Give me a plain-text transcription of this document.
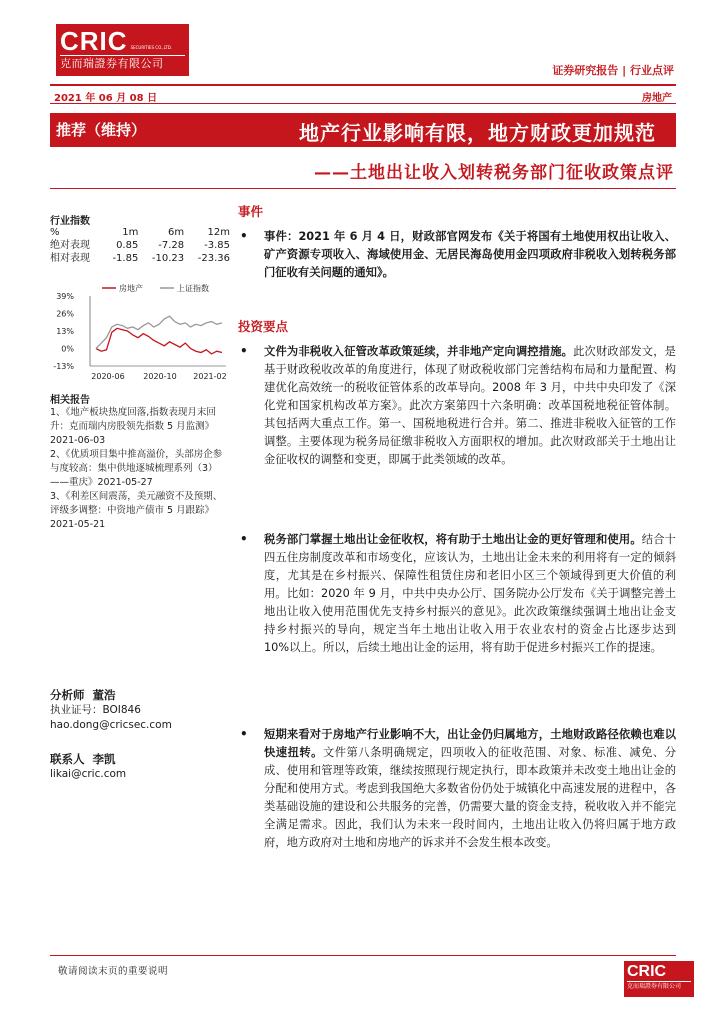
CRIC SECURITIES CO.,LTD.
克而瑞證券有限公司
证券研究报告 | 行业点评
2021 年 06 月 08 日	房地产
推荐（维持）	地产行业影响有限，地方财政更加规范
——土地出让收入划转税务部门征收政策点评
行业指数
%	1m	6m	12m
绝对表现	0.85	-7.28	-3.85
相对表现	-1.85	-10.23	-23.36
房地产	上证指数
39%
26%
13%
0%
-13%
2020-06 2020-10 2021-02
相关报告
1、《地产板块热度回落,指数表现月末回升：克而瑞内房股领先指数 5 月监测》2021-06-03
2、《优质项目集中推高溢价，头部房企参与度较高：集中供地逐城梳理系列（3）——重庆》2021-05-27
3、《利差区间震荡，美元融资不及预期、评级多调整：中资地产债市 5 月跟踪》2021-05-21
分析师 董浩
执业证号：BOI846
hao.dong@cricsec.com
联系人 李凯
likai@cric.com
事件
• 事件：2021 年 6 月 4 日，财政部官网发布《关于将国有土地使用权出让收入、矿产资源专项收入、海域使用金、无居民海岛使用金四项政府非税收入划转税务部门征收有关问题的通知》。
投资要点
• 文件为非税收入征管改革政策延续，并非地产定向调控措施。此次财政部发文，是基于财政税收改革的角度进行，体现了财政税收部门完善结构布局和力量配置、构建优化高效统一的税收征管体系的改革导向。2008 年 3 月，中共中央印发了《深化党和国家机构改革方案》。此次方案第四十六条明确：改革国税地税征管体制。其包括两大重点工作。第一、国税地税进行合并。第二、推进非税收入征管的工作调整。主要体现为税务局征缴非税收入方面职权的增加。此次财政部关于土地出让金征收权的调整和变更，即属于此类领域的改革。
• 税务部门掌握土地出让金征收权，将有助于土地出让金的更好管理和使用。结合十四五住房制度改革和市场变化，应该认为，土地出让金未来的利用将有一定的倾斜度，尤其是在乡村振兴、保障性租赁住房和老旧小区三个领域得到更大价值的利用。比如：2020 年 9 月，中共中央办公厅、国务院办公厅发布《关于调整完善土地出让收入使用范围优先支持乡村振兴的意见》。此次政策继续强调土地出让金支持乡村振兴的导向，规定当年土地出让收入用于农业农村的资金占比逐步达到 10%以上。所以，后续土地出让金的运用，将有助于促进乡村振兴工作的提速。
• 短期来看对于房地产行业影响不大，出让金仍归属地方，土地财政路径依赖也难以快速扭转。文件第八条明确规定，四项收入的征收范围、对象、标准、减免、分成、使用和管理等政策，继续按照现行规定执行，即本政策并未改变土地出让金的分配和使用方式。考虑到我国绝大多数省份仍处于城镇化中高速发展的进程中，各类基础设施的建设和公共服务的完善，仍需要大量的资金支持，税收收入并不能完全满足需求。因此，我们认为未来一段时间内，土地出让收入仍将归属于地方政府，地方政府对土地和房地产的诉求并不会发生根本改变。
敬请阅读末页的重要说明	CRIC
克而瑞證券有限公司
